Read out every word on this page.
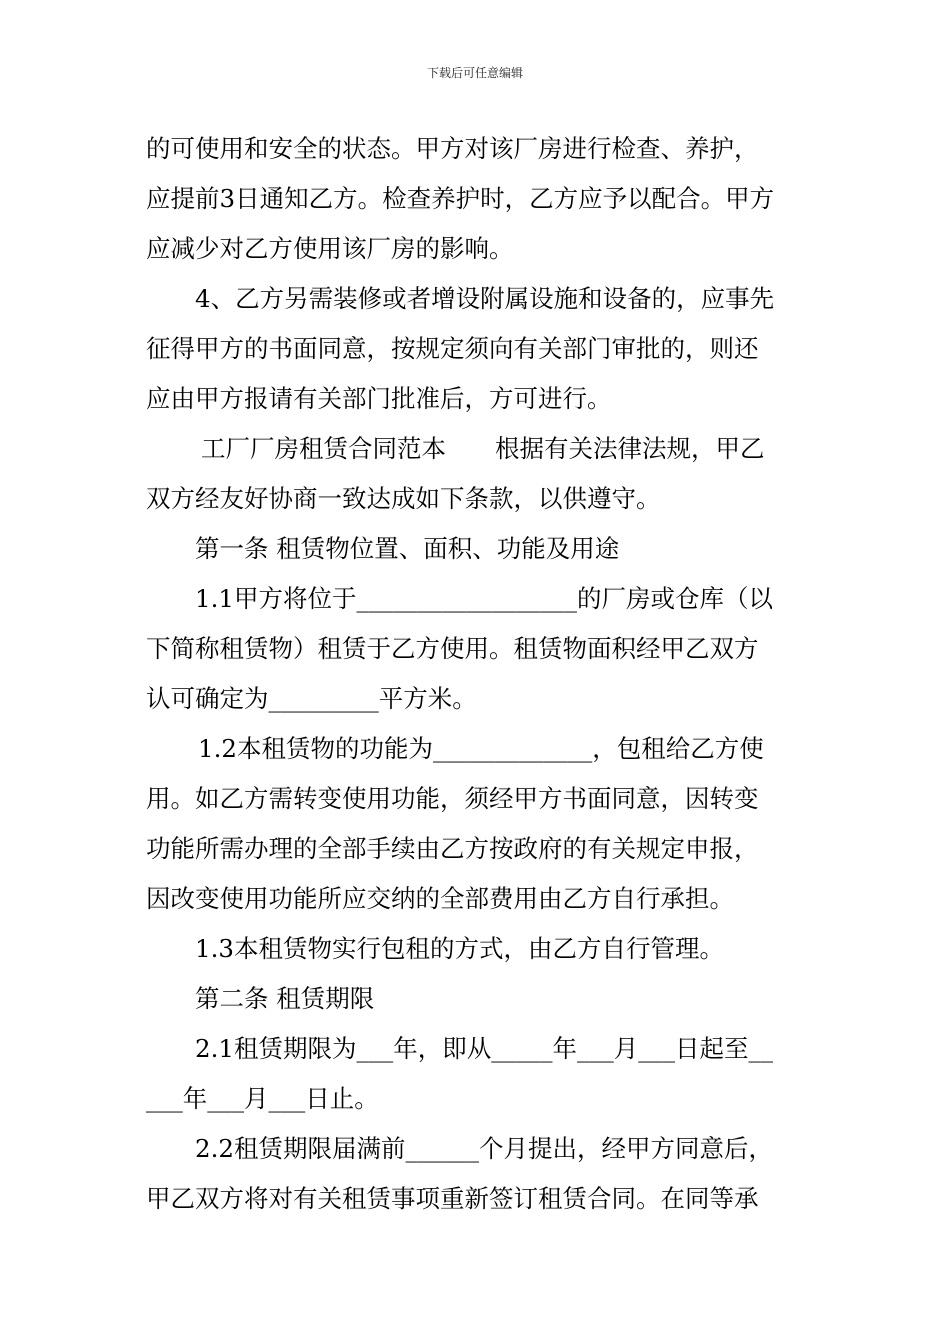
下载后可任意编辑
的可使用和安全的状态。甲方对该厂房进行检查、养护，
应提前3日通知乙方。检查养护时，乙方应予以配合。甲方
应减少对乙方使用该厂房的影响。
4、乙方另需装修或者增设附属设施和设备的，应事先
征得甲方的书面同意，按规定须向有关部门审批的，则还
应由甲方报请有关部门批准后，方可进行。
工厂厂房租赁合同范本　　根据有关法律法规，甲乙
双方经友好协商一致达成如下条款，以供遵守。
第一条 租赁物位置、面积、功能及用途
1.1甲方将位于__________________的厂房或仓库（以
下简称租赁物）租赁于乙方使用。租赁物面积经甲乙双方
认可确定为_________平方米。
1.2本租赁物的功能为_____________，包租给乙方使
用。如乙方需转变使用功能，须经甲方书面同意，因转变
功能所需办理的全部手续由乙方按政府的有关规定申报，
因改变使用功能所应交纳的全部费用由乙方自行承担。
1.3本租赁物实行包租的方式，由乙方自行管理。
第二条 租赁期限
2.1租赁期限为___年，即从_____年___月___日起至__
___年___月___日止。
2.2租赁期限届满前______个月提出，经甲方同意后，
甲乙双方将对有关租赁事项重新签订租赁合同。在同等承
